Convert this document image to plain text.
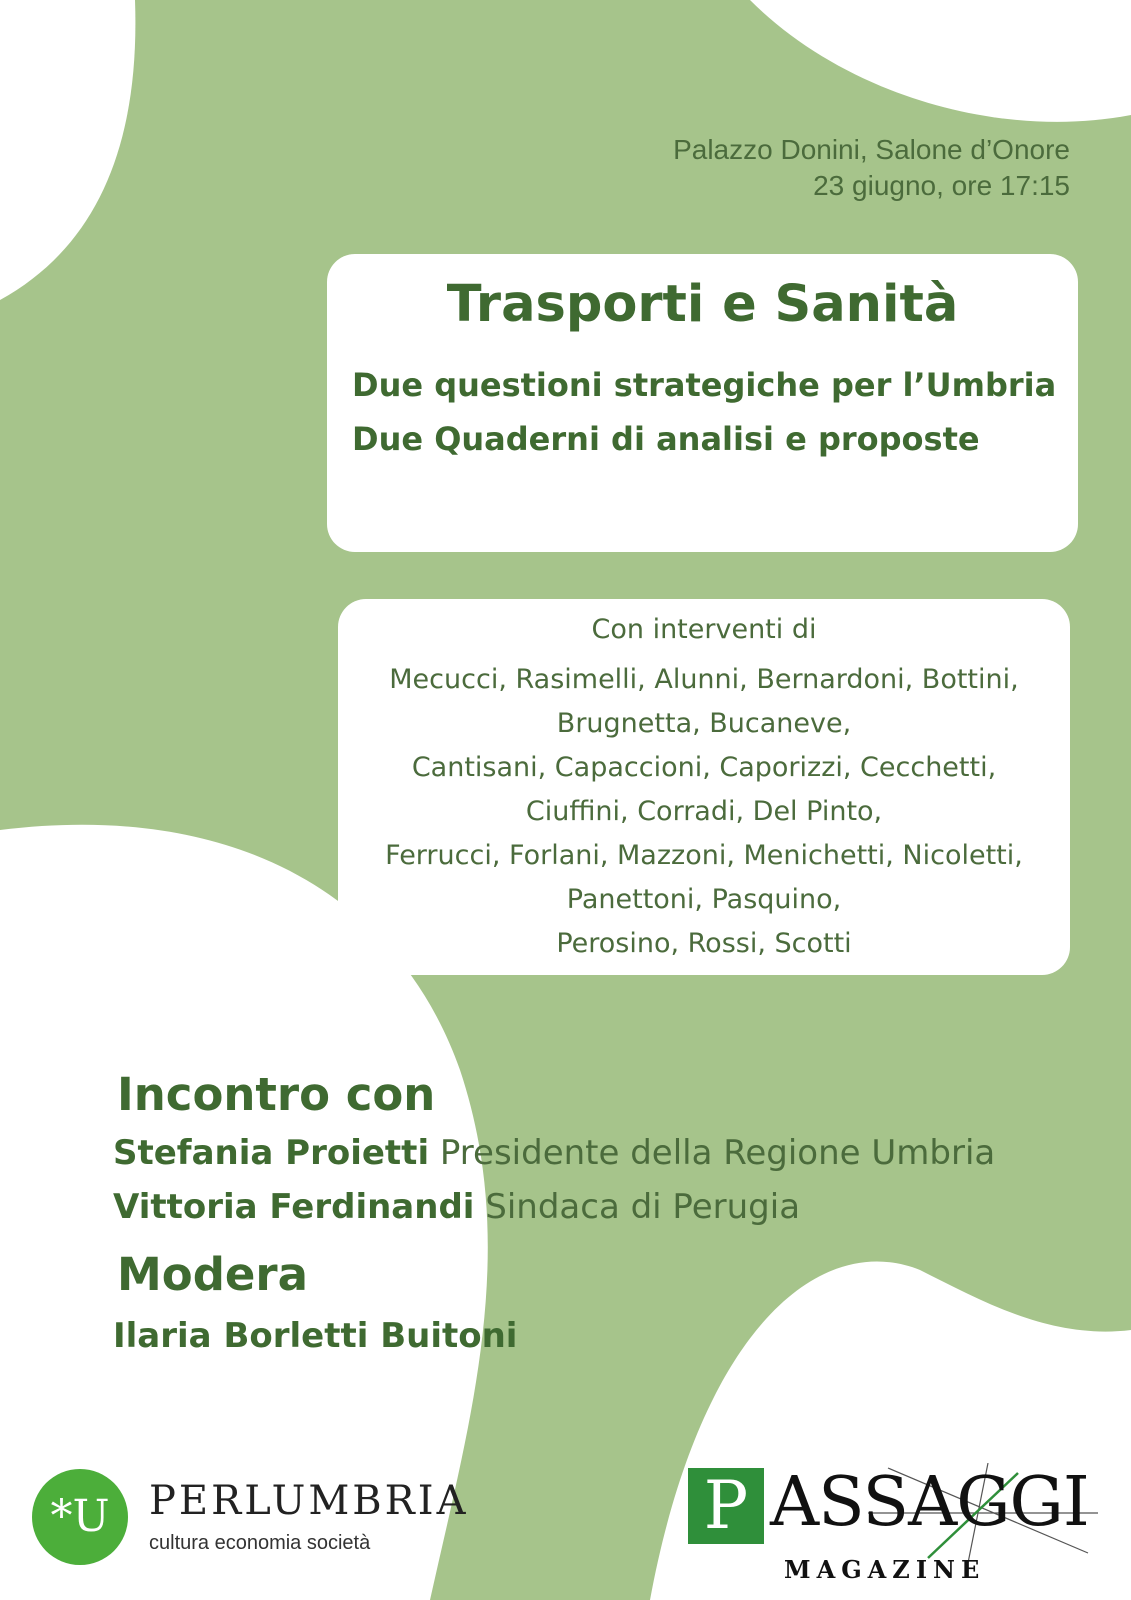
Palazzo Donini, Salone d’Onore
23 giugno, ore 17:15
Trasporti e Sanità
Due questioni strategiche per l’Umbria
Due Quaderni di analisi e proposte
Con interventi di
Mecucci, Rasimelli, Alunni, Bernardoni, Bottini,
Brugnetta, Bucaneve,
Cantisani, Capaccioni, Caporizzi, Cecchetti,
Ciuffini, Corradi, Del Pinto,
Ferrucci, Forlani, Mazzoni, Menichetti, Nicoletti,
Panettoni, Pasquino,
Perosino, Rossi, Scotti
Incontro con
Stefania Proietti Presidente della Regione Umbria
Vittoria Ferdinandi Sindaca di Perugia
Modera
Ilaria Borletti Buitoni
*U PERLUMBRIA
cultura economia società	P ASSAGGI
MAGAZINE
